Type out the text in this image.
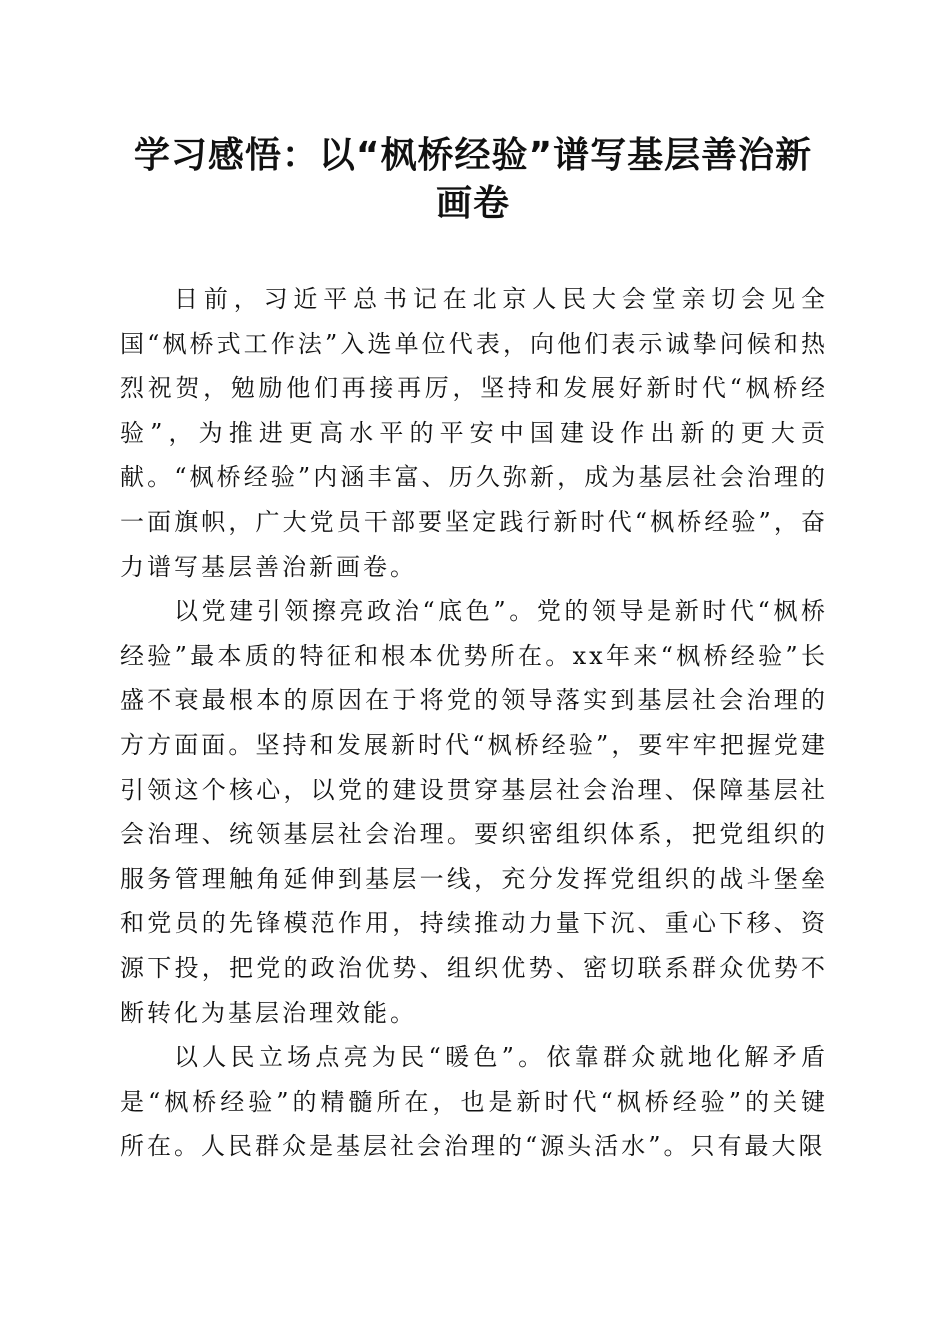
学习感悟：以“枫桥经验”谱写基层善治新画卷

日前，习近平总书记在北京人民大会堂亲切会见全国“枫桥式工作法”入选单位代表，向他们表示诚挚问候和热烈祝贺，勉励他们再接再厉，坚持和发展好新时代“枫桥经验”，为推进更高水平的平安中国建设作出新的更大贡献。“枫桥经验”内涵丰富、历久弥新，成为基层社会治理的一面旗帜，广大党员干部要坚定践行新时代“枫桥经验”，奋力谱写基层善治新画卷。

以党建引领擦亮政治“底色”。党的领导是新时代“枫桥经验”最本质的特征和根本优势所在。xx年来“枫桥经验”长盛不衰最根本的原因在于将党的领导落实到基层社会治理的方方面面。坚持和发展新时代“枫桥经验”，要牢牢把握党建引领这个核心，以党的建设贯穿基层社会治理、保障基层社会治理、统领基层社会治理。要织密组织体系，把党组织的服务管理触角延伸到基层一线，充分发挥党组织的战斗堡垒和党员的先锋模范作用，持续推动力量下沉、重心下移、资源下投，把党的政治优势、组织优势、密切联系群众优势不断转化为基层治理效能。

以人民立场点亮为民“暖色”。依靠群众就地化解矛盾是“枫桥经验”的精髓所在，也是新时代“枫桥经验”的关键所在。人民群众是基层社会治理的“源头活水”。只有最大限
